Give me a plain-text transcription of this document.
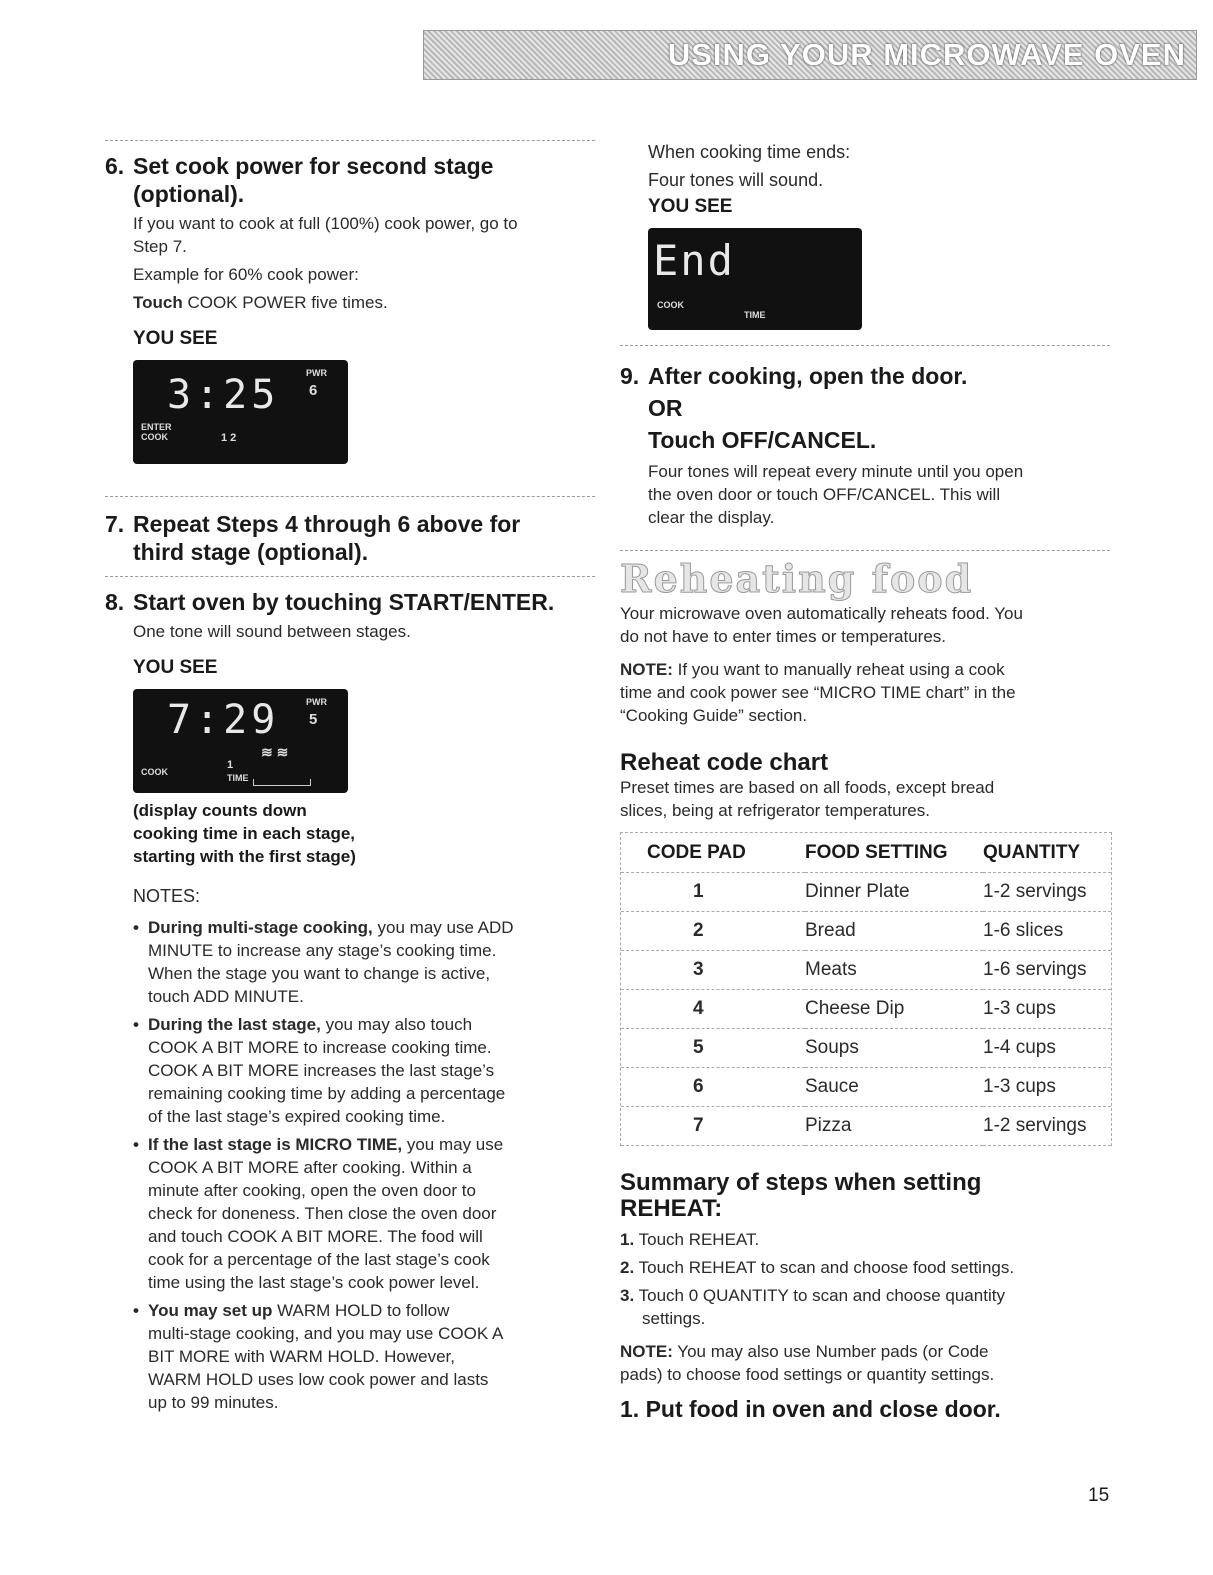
USING YOUR MICROWAVE OVEN
6. Set cook power for second stage
(optional).
If you want to cook at full (100%) cook power, go to
Step 7.
Example for 60% cook power:
Touch COOK POWER five times.
YOU SEE
3:25	PWR
6
ENTER
COOK	1 2
7. Repeat Steps 4 through 6 above for
third stage (optional).
8. Start oven by touching START/ENTER.
One tone will sound between stages.
YOU SEE
7:29	PWR
5
≋ ≋
COOK
1
TIME
(display counts down
cooking time in each stage,
starting with the first stage)
NOTES:
• During multi-stage cooking, you may use ADD
MINUTE to increase any stage’s cooking time.
When the stage you want to change is active,
touch ADD MINUTE.
• During the last stage, you may also touch
COOK A BIT MORE to increase cooking time.
COOK A BIT MORE increases the last stage’s
remaining cooking time by adding a percentage
of the last stage’s expired cooking time.
• If the last stage is MICRO TIME, you may use
COOK A BIT MORE after cooking. Within a
minute after cooking, open the oven door to
check for doneness. Then close the oven door
and touch COOK A BIT MORE. The food will
cook for a percentage of the last stage’s cook
time using the last stage’s cook power level.
• You may set up WARM HOLD to follow
multi-stage cooking, and you may use COOK A
BIT MORE with WARM HOLD. However,
WARM HOLD uses low cook power and lasts
up to 99 minutes.
When cooking time ends:
Four tones will sound.
YOU SEE
End
COOK
TIME
9. After cooking, open the door.
OR
Touch OFF/CANCEL.
Four tones will repeat every minute until you open
the oven door or touch OFF/CANCEL. This will
clear the display.
Reheating food
Your microwave oven automatically reheats food. You
do not have to enter times or temperatures.
NOTE: If you want to manually reheat using a cook
time and cook power see “MICRO TIME chart” in the
“Cooking Guide” section.
Reheat code chart
Preset times are based on all foods, except bread
slices, being at refrigerator temperatures.
CODE PAD	FOOD SETTING	QUANTITY
1	Dinner Plate	1-2 servings
2	Bread	1-6 slices
3	Meats	1-6 servings
4	Cheese Dip	1-3 cups
5	Soups	1-4 cups
6	Sauce	1-3 cups
7	Pizza	1-2 servings
Summary of steps when setting
REHEAT:
1. Touch REHEAT.
2. Touch REHEAT to scan and choose food settings.
3. Touch 0 QUANTITY to scan and choose quantity
settings.
NOTE: You may also use Number pads (or Code
pads) to choose food settings or quantity settings.
1. Put food in oven and close door.
15
